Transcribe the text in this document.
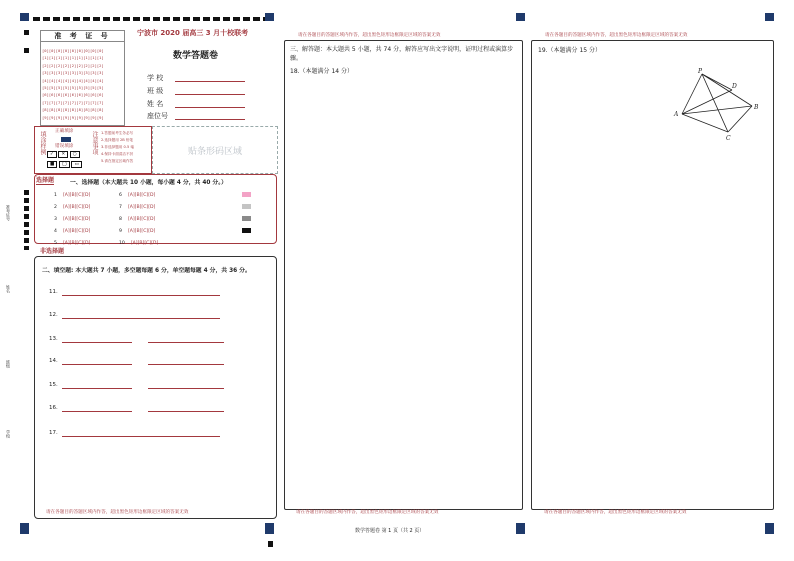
准考证号
姓名
班级
学校
准 考 证 号
[0][0][0][0][0][0][0][0][0]
[1][1][1][1][1][1][1][1][1]
[2][2][2][2][2][2][2][2][2]
[3][3][3][3][3][3][3][3][3]
[4][4][4][4][4][4][4][4][4]
[5][5][5][5][5][5][5][5][5]
[6][6][6][6][6][6][6][6][6]
[7][7][7][7][7][7][7][7][7]
[8][8][8][8][8][8][8][8][8]
[9][9][9][9][9][9][9][9][9]
宁波市 2020 届高三 3 月十校联考
数学答题卷
学 校
班 级
姓 名
座位号
填涂样例 正确填涂
错误填涂
✓ ✕ ○
■ ◯ ▭
注意事项 1.答题前考生务必写
2.选择题用 2B 铅笔
3.非选择题用 0.5 毫
4.保持卡面清洁不折
5.请在指定区域作答
贴条形码区域
选择题	一、选择题（本大题共 10 小题，每小题 4 分，共 40 分。）
1 [A][B][C][D]	6 [A][B][C][D]
2 [A][B][C][D]	7 [A][B][C][D]
3 [A][B][C][D]	8 [A][B][C][D]
4 [A][B][C][D]	9 [A][B][C][D]
5 [A][B][C][D]	10 [A][B][C][D]
非选择题
二、填空题: 本大题共 7 小题，多空题每题 6 分，单空题每题 4 分，共 36 分。
11.
12.
13.
14.
15.
16.
17.
请在各题目的答题区域内作答，超出黑色矩形边框限定区域的答案无效
请在各题目的答题区域内作答，超出黑色矩形边框限定区域的答案无效
三、解答题：本大题共 5 小题，共 74 分，解答应写出文字说明，证明过程或演算步骤。
18.（本题满分 14 分）
请在各题目的答题区域内作答，超出黑色矩形边框限定区域的答案无效
请在各题目的答题区域内作答，超出黑色矩形边框限定区域的答案无效
19.（本题满分 15 分）
P
D
A
B
C
请在各题目的答题区域内作答，超出黑色矩形边框限定区域的答案无效
数学答题卷 第 1 页（共 2 页）
